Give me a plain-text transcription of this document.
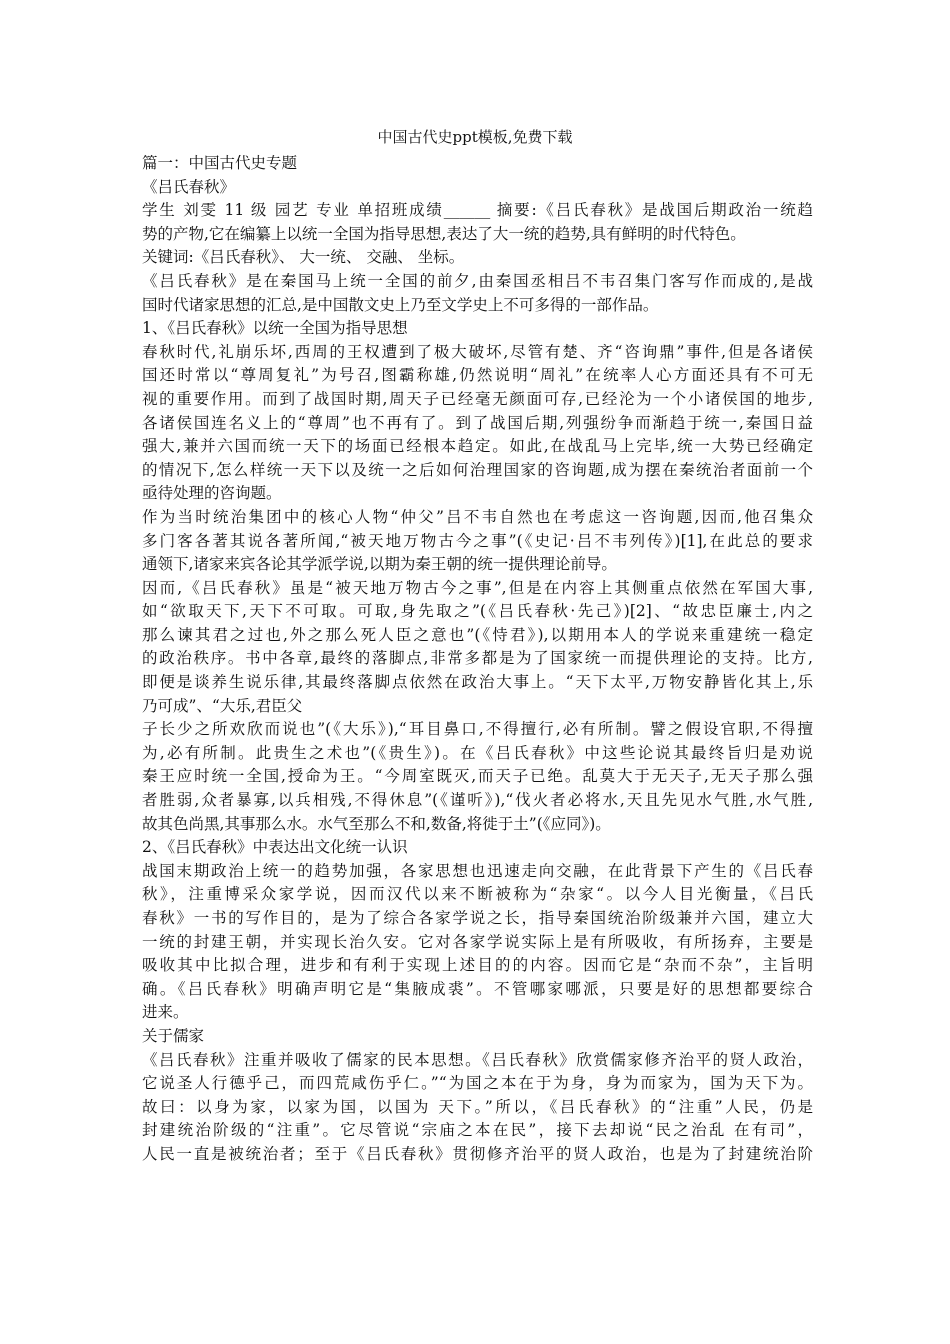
中国古代史ppt模板,免费下载
篇一：中国古代史专题
《吕氏春秋》
学生 刘雯 11 级 园艺 专业 单招班成绩______ 摘要:《吕氏春秋》是战国后期政治一统趋
势的产物,它在编纂上以统一全国为指导思想,表达了大一统的趋势,具有鲜明的时代特色。
关键词:《吕氏春秋》、 大一统、 交融、 坐标。
《吕氏春秋》是在秦国马上统一全国的前夕,由秦国丞相吕不韦召集门客写作而成的,是战
国时代诸家思想的汇总,是中国散文史上乃至文学史上不可多得的一部作品。
1、《吕氏春秋》以统一全国为指导思想
春秋时代,礼崩乐坏,西周的王权遭到了极大破坏,尽管有楚、齐“咨询鼎”事件,但是各诸侯
国还时常以“尊周复礼”为号召,图霸称雄,仍然说明“周礼”在统率人心方面还具有不可无
视的重要作用。而到了战国时期,周天子已经毫无颜面可存,已经沦为一个小诸侯国的地步,
各诸侯国连名义上的“尊周”也不再有了。到了战国后期,列强纷争而渐趋于统一,秦国日益
强大,兼并六国而统一天下的场面已经根本趋定。如此,在战乱马上完毕,统一大势已经确定
的情况下,怎么样统一天下以及统一之后如何治理国家的咨询题,成为摆在秦统治者面前一个
亟待处理的咨询题。
作为当时统治集团中的核心人物“仲父”吕不韦自然也在考虑这一咨询题,因而,他召集众
多门客各著其说各著所闻,“被天地万物古今之事”(《史记·吕不韦列传》)[1],在此总的要求
通领下,诸家来宾各论其学派学说,以期为秦王朝的统一提供理论前导。
因而,《吕氏春秋》虽是“被天地万物古今之事”,但是在内容上其侧重点依然在军国大事,
如“欲取天下,天下不可取。可取,身先取之”(《吕氏春秋·先己》)[2]、“故忠臣廉士,内之
那么谏其君之过也,外之那么死人臣之意也”(《恃君》),以期用本人的学说来重建统一稳定
的政治秩序。书中各章,最终的落脚点,非常多都是为了国家统一而提供理论的支持。比方,
即便是谈养生说乐律,其最终落脚点依然在政治大事上。“天下太平,万物安静皆化其上,乐
乃可成”、“大乐,君臣父
子长少之所欢欣而说也”(《大乐》),“耳目鼻口,不得擅行,必有所制。譬之假设官职,不得擅
为,必有所制。此贵生之术也”(《贵生》)。在《吕氏春秋》中这些论说其最终旨归是劝说
秦王应时统一全国,授命为王。“今周室既灭,而天子已绝。乱莫大于无天子,无天子那么强
者胜弱,众者暴寡,以兵相残,不得休息”(《谨听》),“伐火者必将水,天且先见水气胜,水气胜,
故其色尚黑,其事那么水。水气至那么不和,数备,将徙于土”(《应同》)。
2、《吕氏春秋》中表达出文化统一认识
战国末期政治上统一的趋势加强，各家思想也迅速走向交融，在此背景下产生的《吕氏春
秋》，注重博采众家学说，因而汉代以来不断被称为“杂家“。以今人目光衡量，《吕氏
春秋》一书的写作目的，是为了综合各家学说之长，指导秦国统治阶级兼并六国，建立大
一统的封建王朝，并实现长治久安。它对各家学说实际上是有所吸收，有所扬弃，主要是
吸收其中比拟合理，进步和有利于实现上述目的的内容。因而它是“杂而不杂”，主旨明
确。《吕氏春秋》明确声明它是“集腋成裘”。不管哪家哪派，只要是好的思想都要综合
进来。
关于儒家
《吕氏春秋》注重并吸收了儒家的民本思想。《吕氏春秋》欣赏儒家修齐治平的贤人政治，
它说圣人行德乎己，而四荒咸伤乎仁。”“为国之本在于为身，身为而家为，国为天下为。
故曰：以身为家，以家为国，以国为 天下。”所以，《吕氏春秋》的“注重”人民，仍是
封建统治阶级的“注重”。它尽管说“宗庙之本在民”，接下去却说“民之治乱 在有司”，
人民一直是被统治者；至于《吕氏春秋》贯彻修齐治平的贤人政治，也是为了封建统治阶
